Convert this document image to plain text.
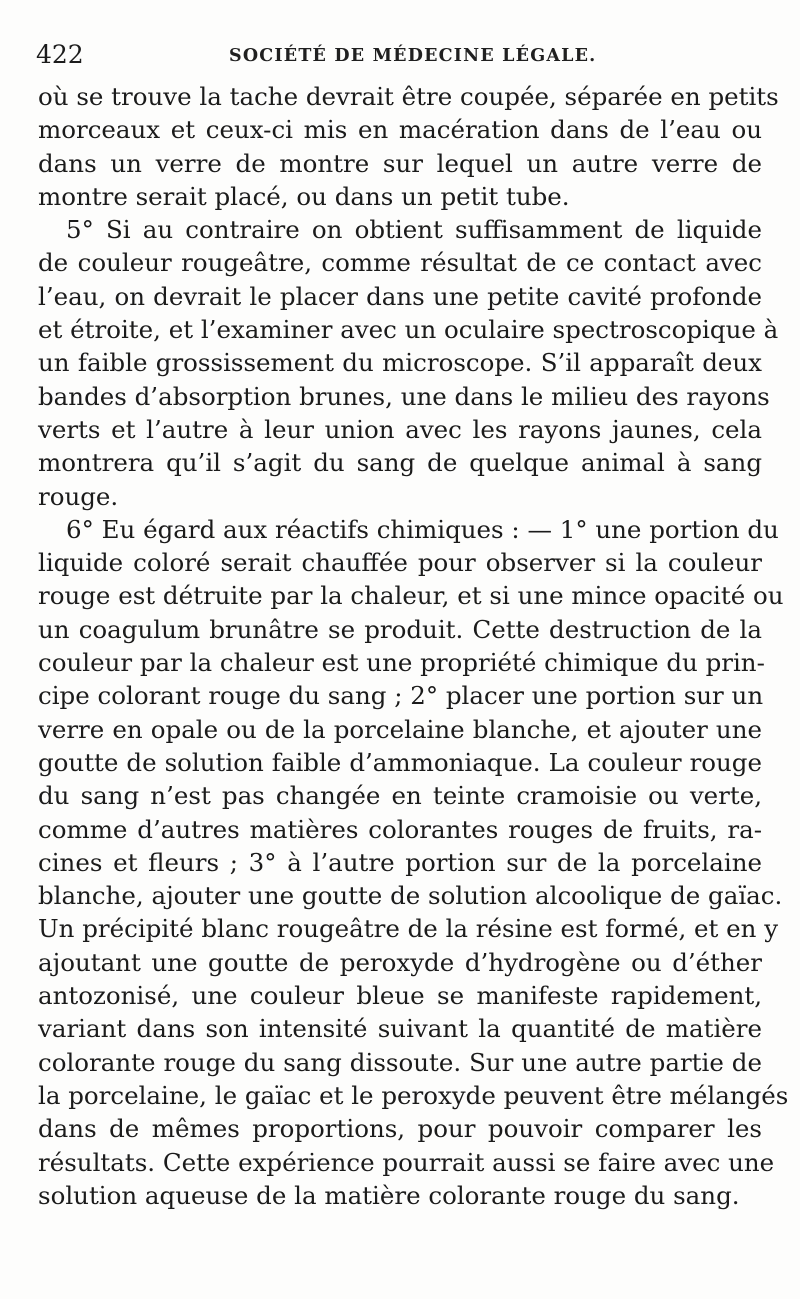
422	SOCIÉTÉ DE MÉDECINE LÉGALE.
où se trouve la tache devrait être coupée, séparée en petits
morceaux et ceux-ci mis en macération dans de l’eau ou
dans un verre de montre sur lequel un autre verre de
montre serait placé, ou dans un petit tube.
5° Si au contraire on obtient suffisamment de liquide
de couleur rougeâtre, comme résultat de ce contact avec
l’eau, on devrait le placer dans une petite cavité profonde
et étroite, et l’examiner avec un oculaire spectroscopique à
un faible grossissement du microscope. S’il apparaît deux
bandes d’absorption brunes, une dans le milieu des rayons
verts et l’autre à leur union avec les rayons jaunes, cela
montrera qu’il s’agit du sang de quelque animal à sang
rouge.
6° Eu égard aux réactifs chimiques : — 1° une portion du
liquide coloré serait chauffée pour observer si la couleur
rouge est détruite par la chaleur, et si une mince opacité ou
un coagulum brunâtre se produit. Cette destruction de la
couleur par la chaleur est une propriété chimique du prin-
cipe colorant rouge du sang ; 2° placer une portion sur un
verre en opale ou de la porcelaine blanche, et ajouter une
goutte de solution faible d’ammoniaque. La couleur rouge
du sang n’est pas changée en teinte cramoisie ou verte,
comme d’autres matières colorantes rouges de fruits, ra-
cines et fleurs ; 3° à l’autre portion sur de la porcelaine
blanche, ajouter une goutte de solution alcoolique de gaïac.
Un précipité blanc rougeâtre de la résine est formé, et en y
ajoutant une goutte de peroxyde d’hydrogène ou d’éther
antozonisé, une couleur bleue se manifeste rapidement,
variant dans son intensité suivant la quantité de matière
colorante rouge du sang dissoute. Sur une autre partie de
la porcelaine, le gaïac et le peroxyde peuvent être mélangés
dans de mêmes proportions, pour pouvoir comparer les
résultats. Cette expérience pourrait aussi se faire avec une
solution aqueuse de la matière colorante rouge du sang.
